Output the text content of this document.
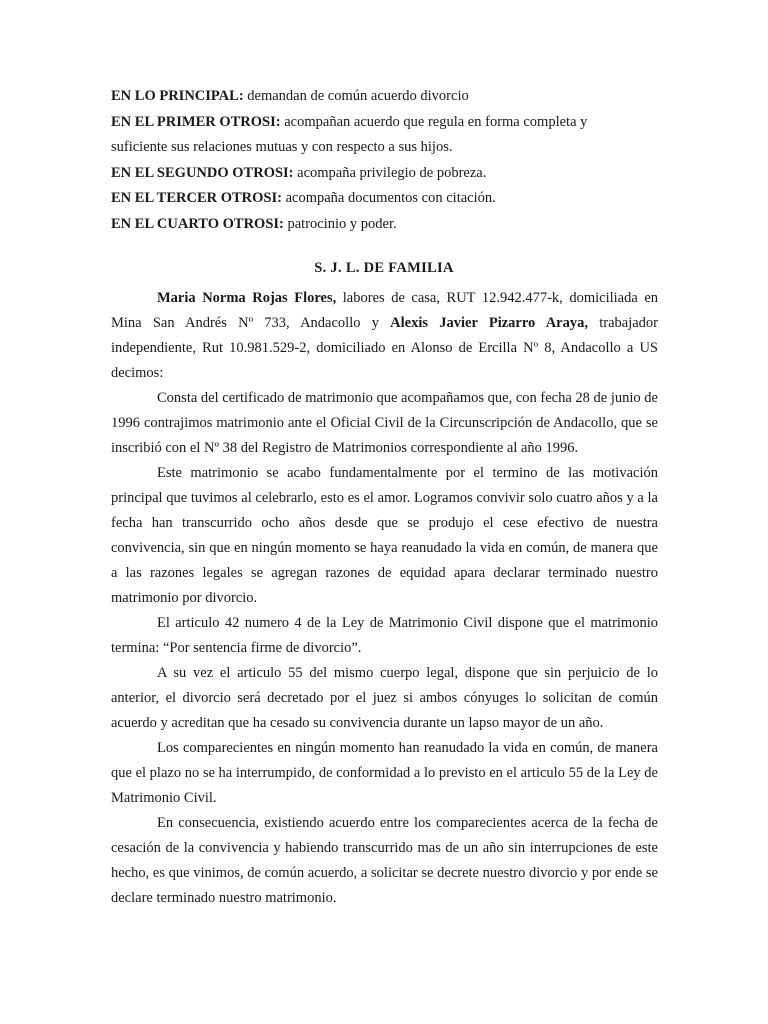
EN LO PRINCIPAL: demandan de común acuerdo divorcio

EN EL PRIMER OTROSI: acompañan acuerdo que regula en forma completa y suficiente sus relaciones mutuas y con respecto a sus hijos.

EN EL SEGUNDO OTROSI: acompaña privilegio de pobreza.

EN EL TERCER OTROSI: acompaña documentos con citación.

EN EL CUARTO OTROSI: patrocinio y poder.

S. J. L. DE FAMILIA

Maria Norma Rojas Flores, labores de casa, RUT 12.942.477-k, domiciliada en Mina San Andrés Nº 733, Andacollo y Alexis Javier Pizarro Araya, trabajador independiente, Rut 10.981.529-2, domiciliado en Alonso de Ercilla Nº 8, Andacollo a US decimos:

Consta del certificado de matrimonio que acompañamos que, con fecha 28 de junio de 1996 contrajimos matrimonio ante el Oficial Civil de la Circunscripción de Andacollo, que se inscribió con el Nº 38 del Registro de Matrimonios correspondiente al año 1996.

Este matrimonio se acabo fundamentalmente por el termino de las motivación principal que tuvimos al celebrarlo, esto es el amor. Logramos convivir solo cuatro años y a la fecha han transcurrido ocho años desde que se produjo el cese efectivo de nuestra convivencia, sin que en ningún momento se haya reanudado la vida en común, de manera que a las razones legales se agregan razones de equidad apara declarar terminado nuestro matrimonio por divorcio.

El articulo 42 numero 4 de la Ley de Matrimonio Civil dispone que el matrimonio termina: “Por sentencia firme de divorcio”.

A su vez el articulo 55 del mismo cuerpo legal, dispone que sin perjuicio de lo anterior, el divorcio será decretado por el juez si ambos cónyuges lo solicitan de común acuerdo y acreditan que ha cesado su convivencia durante un lapso mayor de un año.

Los comparecientes en ningún momento han reanudado la vida en común, de manera que el plazo no se ha interrumpido, de conformidad a lo previsto en el articulo 55 de la Ley de Matrimonio Civil.

En consecuencia, existiendo acuerdo entre los comparecientes acerca de la fecha de cesación de la convivencia y habiendo transcurrido mas de un año sin interrupciones de este hecho, es que vinimos, de común acuerdo, a solicitar se decrete nuestro divorcio y por ende se declare terminado nuestro matrimonio.
